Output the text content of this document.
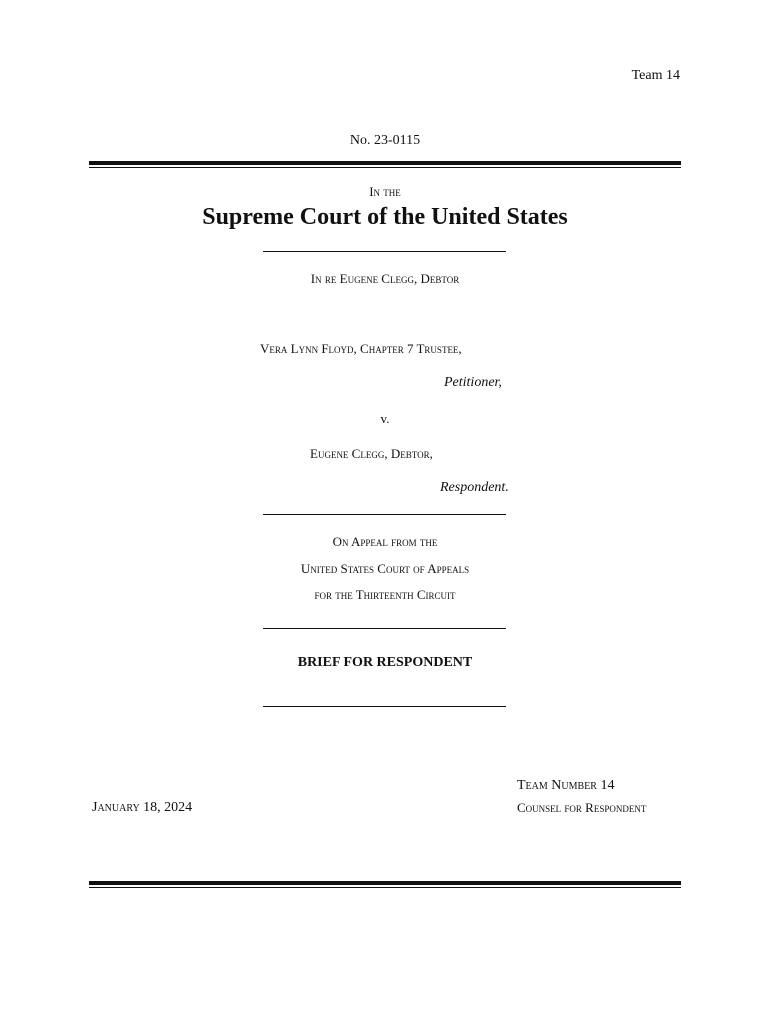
Team 14
No. 23-0115
In the
Supreme Court of the United States
In re Eugene Clegg, Debtor
Vera Lynn Floyd, Chapter 7 Trustee,
Petitioner,
v.
Eugene Clegg, Debtor,
Respondent.
On Appeal from the
United States Court of Appeals
for the Thirteenth Circuit
BRIEF FOR RESPONDENT
Team Number 14
January 18, 2024	Counsel for Respondent
